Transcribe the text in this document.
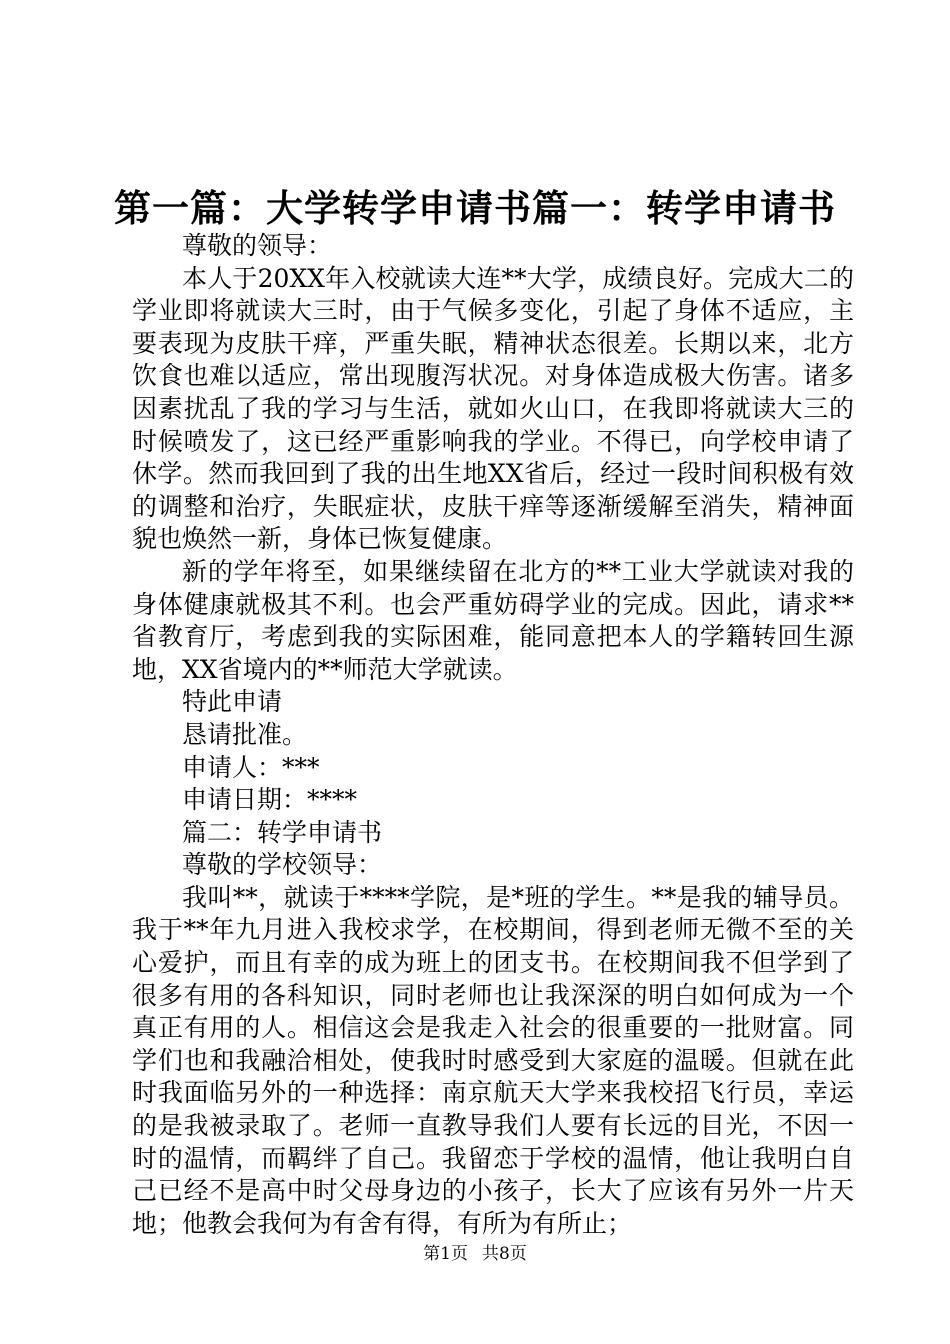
第一篇：大学转学申请书篇一：转学申请书

尊敬的领导：

本人于20XX年入校就读大连**大学，成绩良好。完成大二的学业即将就读大三时，由于气候多变化，引起了身体不适应，主要表现为皮肤干痒，严重失眠，精神状态很差。长期以来，北方饮食也难以适应，常出现腹泻状况。对身体造成极大伤害。诸多因素扰乱了我的学习与生活，就如火山口，在我即将就读大三的时候喷发了，这已经严重影响我的学业。不得已，向学校申请了休学。然而我回到了我的出生地XX省后，经过一段时间积极有效的调整和治疗，失眠症状，皮肤干痒等逐渐缓解至消失，精神面貌也焕然一新，身体已恢复健康。

新的学年将至，如果继续留在北方的**工业大学就读对我的身体健康就极其不利。也会严重妨碍学业的完成。因此，请求**省教育厅，考虑到我的实际困难，能同意把本人的学籍转回生源地，XX省境内的**师范大学就读。

特此申请

恳请批准。

申请人：***

申请日期：****

篇二：转学申请书

尊敬的学校领导：

我叫**，就读于****学院，是*班的学生。**是我的辅导员。我于**年九月进入我校求学，在校期间，得到老师无微不至的关心爱护，而且有幸的成为班上的团支书。在校期间我不但学到了很多有用的各科知识，同时老师也让我深深的明白如何成为一个真正有用的人。相信这会是我走入社会的很重要的一批财富。同学们也和我融洽相处，使我时时感受到大家庭的温暖。但就在此时我面临另外的一种选择：南京航天大学来我校招飞行员，幸运的是我被录取了。老师一直教导我们人要有长远的目光，不因一时的温情，而羁绊了自己。我留恋于学校的温情，他让我明白自己已经不是高中时父母身边的小孩子，长大了应该有另外一片天地；他教会我何为有舍有得，有所为有所止；

第1页 共8页
